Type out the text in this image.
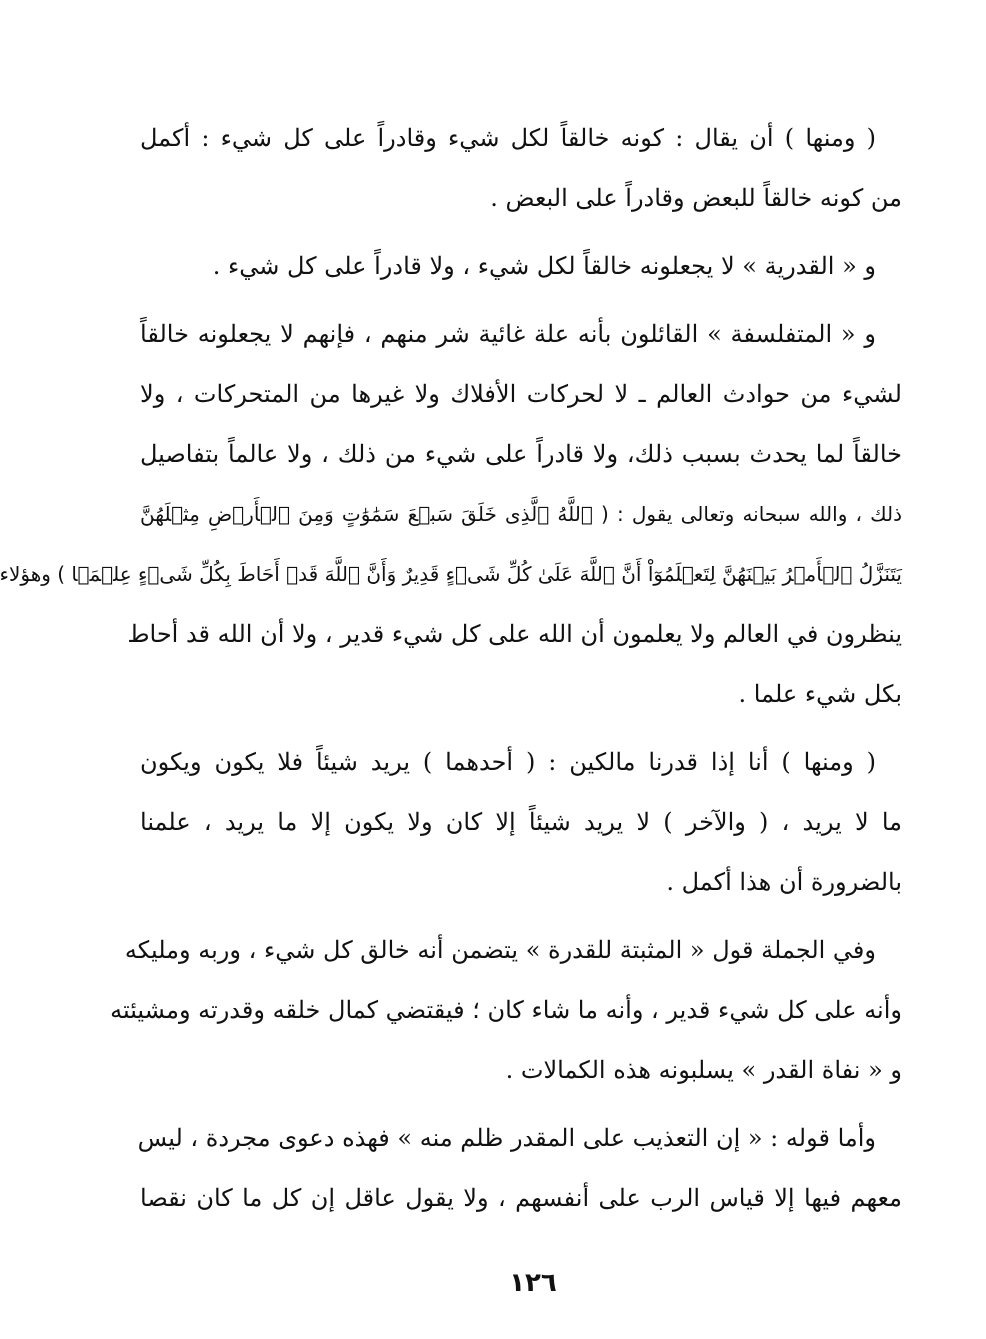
( ومنها ) أن يقال : كونه خالقاً لكل شيء وقادراً على كل شيء : أكمل
من كونه خالقاً للبعض وقادراً على البعض .
و « القدرية » لا يجعلونه خالقاً لكل شيء ، ولا قادراً على كل شيء .
و « المتفلسفة » القائلون بأنه علة غائية شر منهم ، فإنهم لا يجعلونه خالقاً
لشيء من حوادث العالم ـ لا لحركات الأفلاك ولا غيرها من المتحركات ، ولا
خالقاً لما يحدث بسبب ذلك، ولا قادراً على شيء من ذلك ، ولا عالماً بتفاصيل
ذلك ، والله سبحانه وتعالى يقول : ( ٱللَّهُ ٱلَّذِى خَلَقَ سَبۡعَ سَمَٰوَٰتٍ وَمِنَ ٱلۡأَرۡضِ مِثۡلَهُنَّ
يَتَنَزَّلُ ٱلۡأَمۡرُ بَيۡنَهُنَّ لِتَعۡلَمُوٓاْ أَنَّ ٱللَّهَ عَلَىٰ كُلِّ شَىۡءٍ قَدِيرٌ وَأَنَّ ٱللَّهَ قَدۡ أَحَاطَ بِكُلِّ شَىۡءٍ عِلۡمَۢا ) وهؤلاء
ينظرون في العالم ولا يعلمون أن الله على كل شيء قدير ، ولا أن الله قد أحاط
بكل شيء علما .
( ومنها ) أنا إذا قدرنا مالكين : ( أحدهما ) يريد شيئاً فلا يكون ويكون
ما لا يريد ، ( والآخر ) لا يريد شيئاً إلا كان ولا يكون إلا ما يريد ، علمنا
بالضرورة أن هذا أكمل .
وفي الجملة قول « المثبتة للقدرة » يتضمن أنه خالق كل شيء ، وربه ومليكه
وأنه على كل شيء قدير ، وأنه ما شاء كان ؛ فيقتضي كمال خلقه وقدرته ومشيئته
و « نفاة القدر » يسلبونه هذه الكمالات .
وأما قوله : « إن التعذيب على المقدر ظلم منه » فهذه دعوى مجردة ، ليس
معهم فيها إلا قياس الرب على أنفسهم ، ولا يقول عاقل إن كل ما كان نقصا
١٢٦
